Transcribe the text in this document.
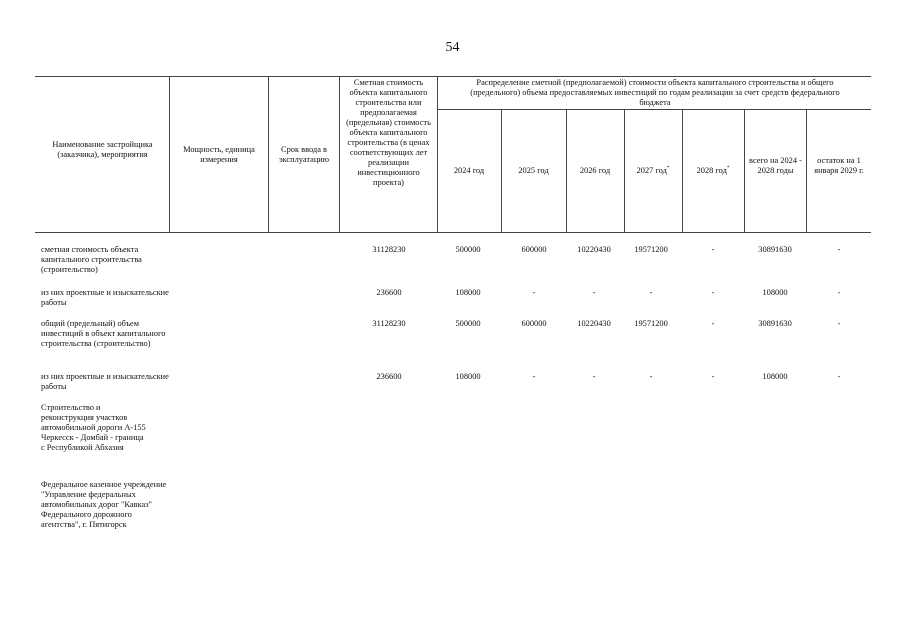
54
Наименование застройщика (заказчика), мероприятия
Мощность, единица измерения
Срок ввода в эксплуатацию
Сметная стоимость объекта капитального строительства или предполагаемая (предельная) стоимость объекта капитального строительства (в ценах соответствующих лет реализации инвестиционного проекта)
Распределение сметной (предполагаемой) стоимости объекта капитального строительства и общего (предельного) объема предоставляемых инвестиций по годам реализации за счет средств федерального бюджета
2024 год	2025 год	2026 год	2027 год*	2028 год*
всего на 2024 - 2028 годы
остаток на 1 января 2029 г.
сметная стоимость объекта капитального строительства (строительство)
31128230	500000	600000	10220430	19571200	-	30891630	-
из них проектные и изыскательские работы
236600	108000	-	-	-	-	108000	-
общий (предельный) объем инвестиций в объект капитального строительства (строительство)
31128230	500000	600000	10220430	19571200	-	30891630	-
из них проектные и изыскательские работы
236600	108000	-	-	-	-	108000	-
Строительство и реконструкция участков автомобильной дороги А-155 Черкесск - Домбай - граница с Республикой Абхазия
Федеральное казенное учреждение "Управление федеральных автомобильных дорог "Кавказ" Федерального дорожного агентства", г. Пятигорск
